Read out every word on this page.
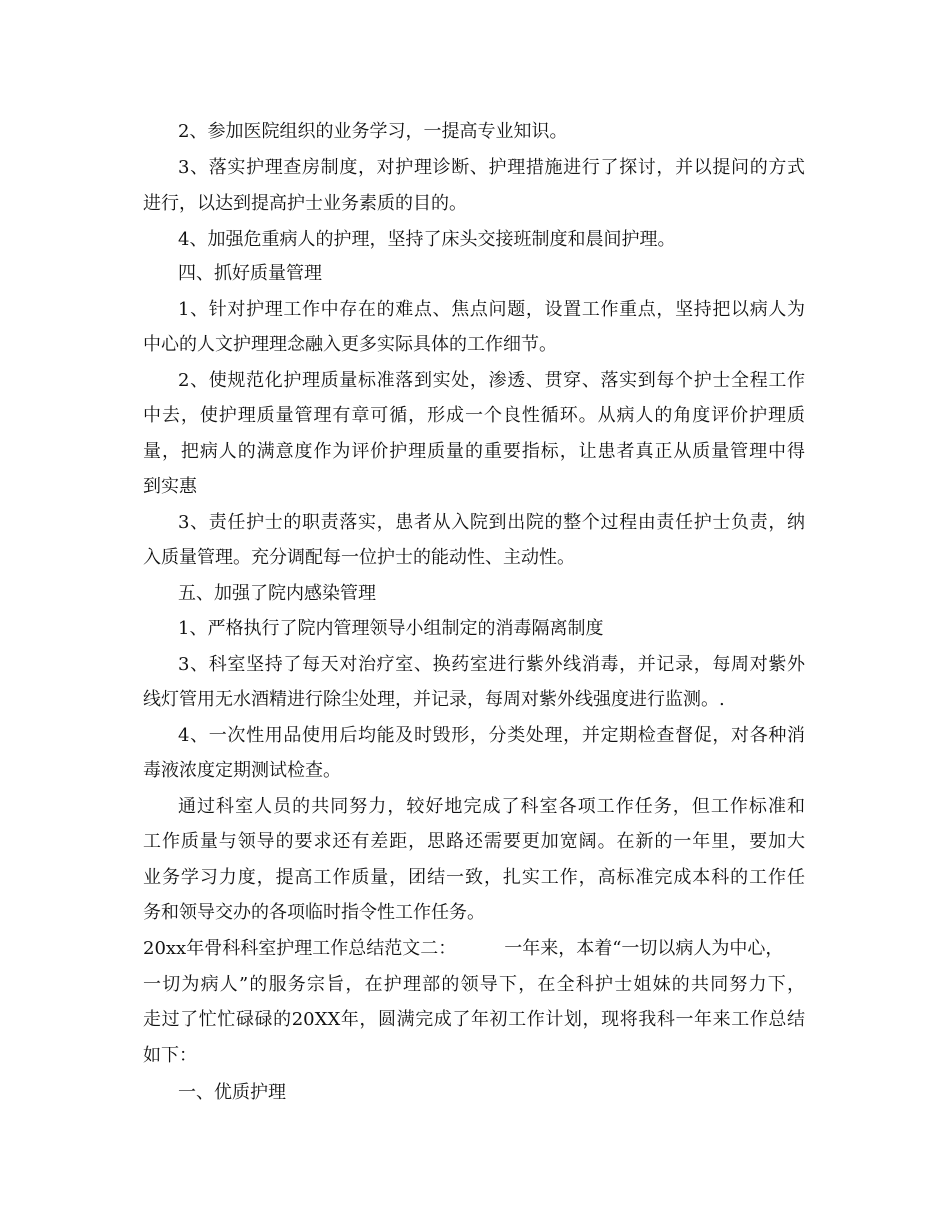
2、参加医院组织的业务学习，一提高专业知识。
3、落实护理查房制度，对护理诊断、护理措施进行了探讨，并以提问的方式
进行，以达到提高护士业务素质的目的。
4、加强危重病人的护理，坚持了床头交接班制度和晨间护理。
四、抓好质量管理
1、针对护理工作中存在的难点、焦点问题，设置工作重点，坚持把以病人为
中心的人文护理理念融入更多实际具体的工作细节。
2、使规范化护理质量标准落到实处，渗透、贯穿、落实到每个护士全程工作
中去，使护理质量管理有章可循，形成一个良性循环。从病人的角度评价护理质
量，把病人的满意度作为评价护理质量的重要指标，让患者真正从质量管理中得
到实惠
3、责任护士的职责落实，患者从入院到出院的整个过程由责任护士负责，纳
入质量管理。充分调配每一位护士的能动性、主动性。
五、加强了院内感染管理
1、严格执行了院内管理领导小组制定的消毒隔离制度
3、科室坚持了每天对治疗室、换药室进行紫外线消毒，并记录，每周对紫外
线灯管用无水酒精进行除尘处理，并记录，每周对紫外线强度进行监测。.
4、一次性用品使用后均能及时毁形，分类处理，并定期检查督促，对各种消
毒液浓度定期测试检查。
通过科室人员的共同努力，较好地完成了科室各项工作任务，但工作标准和
工作质量与领导的要求还有差距，思路还需要更加宽阔。在新的一年里，要加大
业务学习力度，提高工作质量，团结一致，扎实工作，高标准完成本科的工作任
务和领导交办的各项临时指令性工作任务。
20xx年骨科科室护理工作总结范文二：	一年来，本着“一切以病人为中心，
一切为病人”的服务宗旨，在护理部的领导下，在全科护士姐妹的共同努力下，
走过了忙忙碌碌的20XX年，圆满完成了年初工作计划，现将我科一年来工作总结
如下：
一、优质护理
